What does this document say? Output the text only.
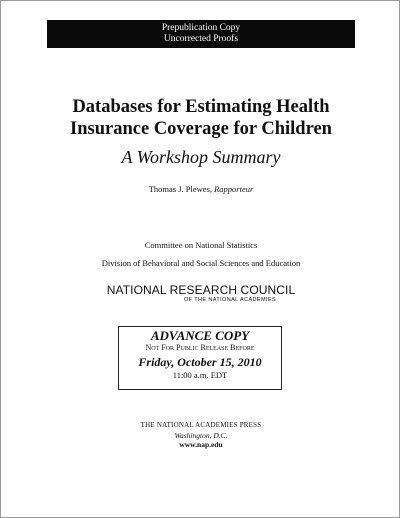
Prepublication Copy
Uncorrected Proofs
Databases for Estimating Health
Insurance Coverage for Children
A Workshop Summary
Thomas J. Plewes, Rapporteur
Committee on National Statistics
Division of Behavioral and Social Sciences and Education
NATIONAL RESEARCH COUNCIL
OF THE NATIONAL ACADEMIES
ADVANCE COPY
Not For Public Release Before
Friday, October 15, 2010
11:00 a.m. EDT
THE NATIONAL ACADEMIES PRESS
Washington, D.C.
www.nap.edu
